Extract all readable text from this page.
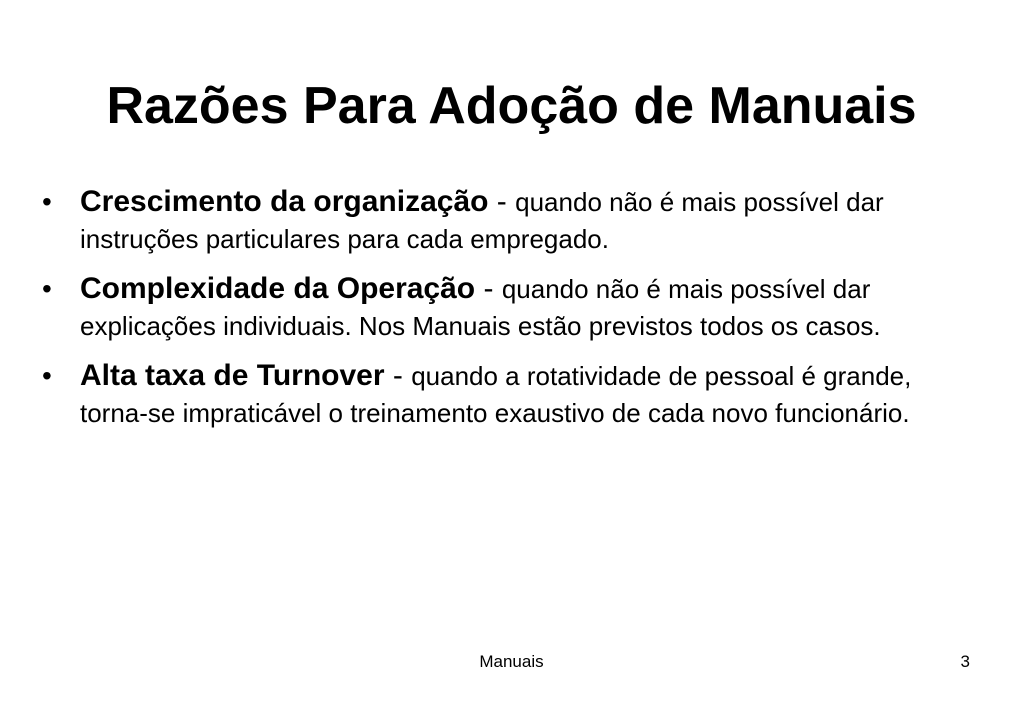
Razões Para Adoção de Manuais
• Crescimento da organização - quando não é mais possível dar instruções particulares para cada empregado.
• Complexidade da Operação - quando não é mais possível dar explicações individuais. Nos Manuais estão previstos todos os casos.
• Alta taxa de Turnover - quando a rotatividade de pessoal é grande, torna-se impraticável o treinamento exaustivo de cada novo funcionário.
Manuais	3
